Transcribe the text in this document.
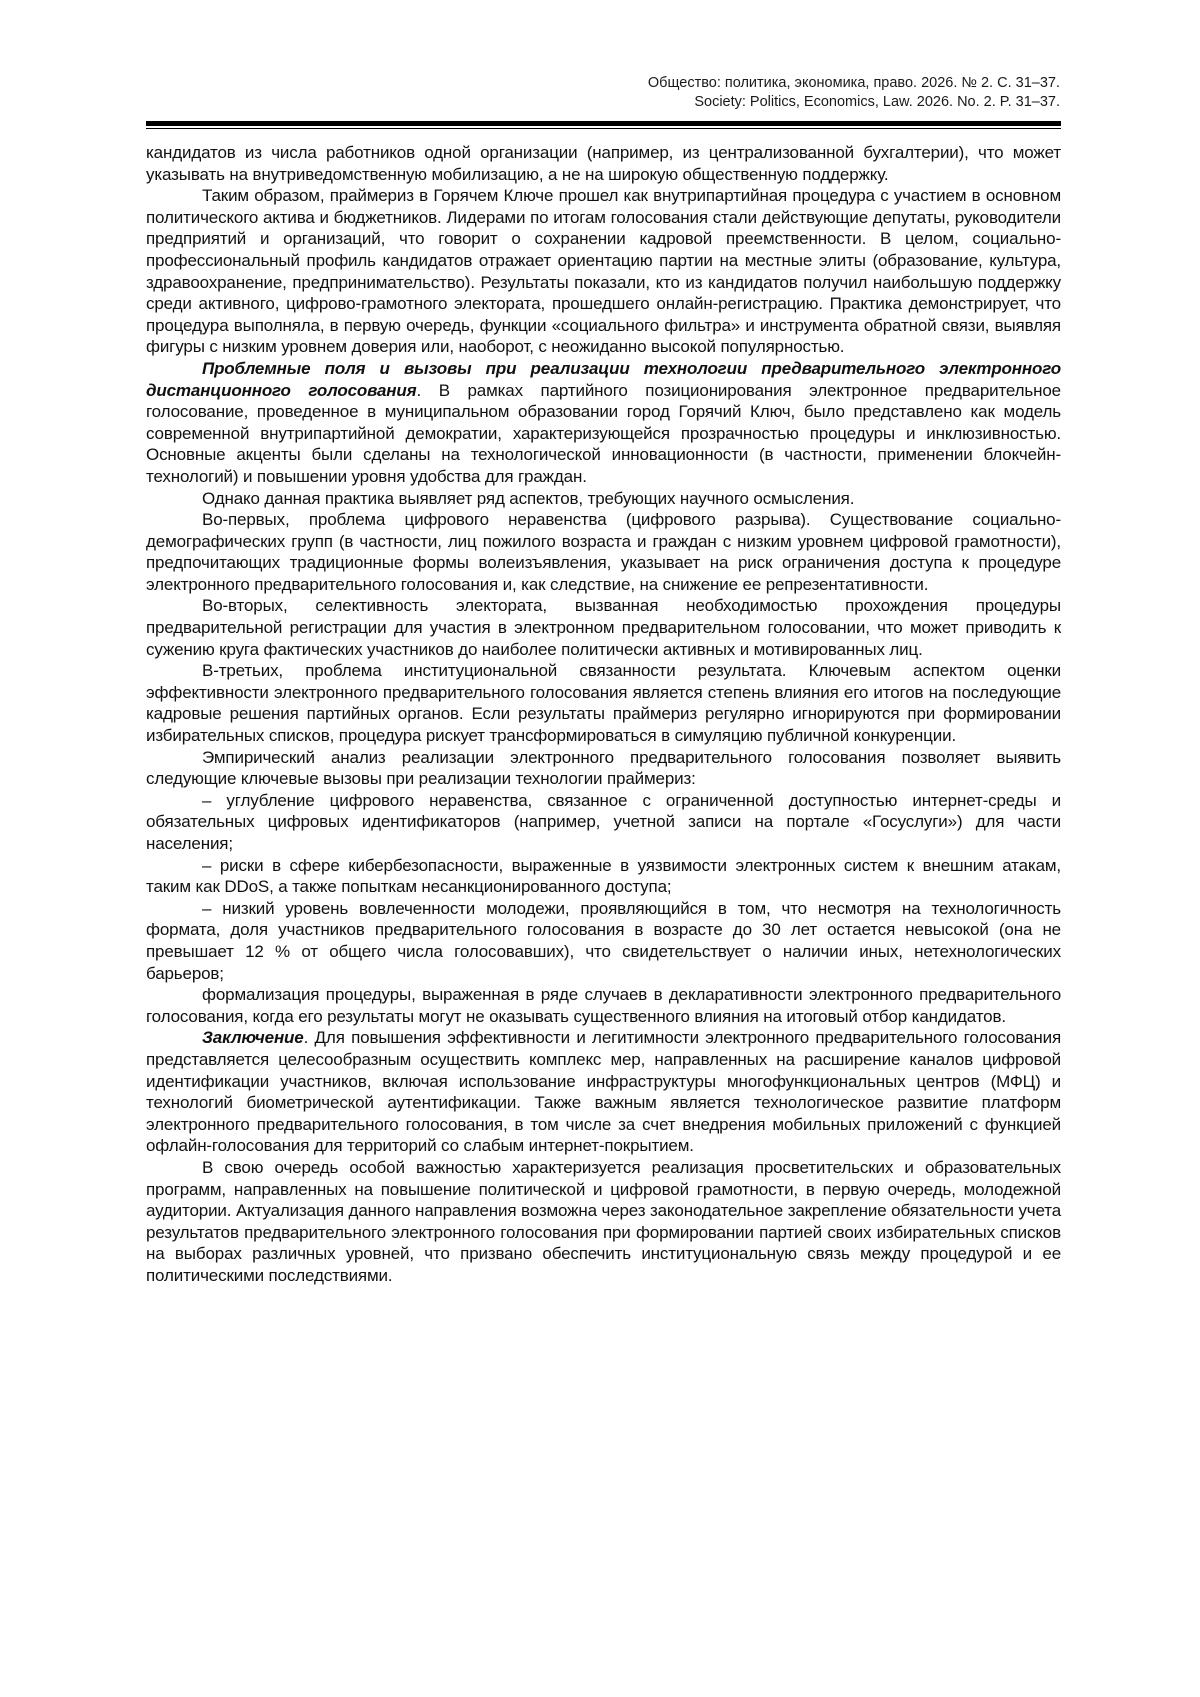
Общество: политика, экономика, право. 2026. № 2. С. 31–37.
Society: Politics, Economics, Law. 2026. No. 2. P. 31–37.

кандидатов из числа работников одной организации (например, из централизованной бухгалтерии), что может указывать на внутриведомственную мобилизацию, а не на широкую общественную поддержку.

Таким образом, праймериз в Горячем Ключе прошел как внутрипартийная процедура с участием в основном политического актива и бюджетников. Лидерами по итогам голосования стали действующие депутаты, руководители предприятий и организаций, что говорит о сохранении кадровой преемственности. В целом, социально-профессиональный профиль кандидатов отражает ориентацию партии на местные элиты (образование, культура, здравоохранение, предпринимательство). Результаты показали, кто из кандидатов получил наибольшую поддержку среди активного, цифрово-грамотного электората, прошедшего онлайн-регистрацию. Практика демонстрирует, что процедура выполняла, в первую очередь, функции «социального фильтра» и инструмента обратной связи, выявляя фигуры с низким уровнем доверия или, наоборот, с неожиданно высокой популярностью.

Проблемные поля и вызовы при реализации технологии предварительного электронного дистанционного голосования. В рамках партийного позиционирования электронное предварительное голосование, проведенное в муниципальном образовании город Горячий Ключ, было представлено как модель современной внутрипартийной демократии, характеризующейся прозрачностью процедуры и инклюзивностью. Основные акценты были сделаны на технологической инновационности (в частности, применении блокчейн-технологий) и повышении уровня удобства для граждан.

Однако данная практика выявляет ряд аспектов, требующих научного осмысления.

Во-первых, проблема цифрового неравенства (цифрового разрыва). Существование социально-демографических групп (в частности, лиц пожилого возраста и граждан с низким уровнем цифровой грамотности), предпочитающих традиционные формы волеизъявления, указывает на риск ограничения доступа к процедуре электронного предварительного голосования и, как следствие, на снижение ее репрезентативности.

Во-вторых, селективность электората, вызванная необходимостью прохождения процедуры предварительной регистрации для участия в электронном предварительном голосовании, что может приводить к сужению круга фактических участников до наиболее политически активных и мотивированных лиц.

В-третьих, проблема институциональной связанности результата. Ключевым аспектом оценки эффективности электронного предварительного голосования является степень влияния его итогов на последующие кадровые решения партийных органов. Если результаты праймериз регулярно игнорируются при формировании избирательных списков, процедура рискует трансформироваться в симуляцию публичной конкуренции.

Эмпирический анализ реализации электронного предварительного голосования позволяет выявить следующие ключевые вызовы при реализации технологии праймериз:

– углубление цифрового неравенства, связанное с ограниченной доступностью интернет-среды и обязательных цифровых идентификаторов (например, учетной записи на портале «Госуслуги») для части населения;

– риски в сфере кибербезопасности, выраженные в уязвимости электронных систем к внешним атакам, таким как DDoS, а также попыткам несанкционированного доступа;

– низкий уровень вовлеченности молодежи, проявляющийся в том, что несмотря на технологичность формата, доля участников предварительного голосования в возрасте до 30 лет остается невысокой (она не превышает 12 % от общего числа голосовавших), что свидетельствует о наличии иных, нетехнологических барьеров;

формализация процедуры, выраженная в ряде случаев в декларативности электронного предварительного голосования, когда его результаты могут не оказывать существенного влияния на итоговый отбор кандидатов.

Заключение. Для повышения эффективности и легитимности электронного предварительного голосования представляется целесообразным осуществить комплекс мер, направленных на расширение каналов цифровой идентификации участников, включая использование инфраструктуры многофункциональных центров (МФЦ) и технологий биометрической аутентификации. Также важным является технологическое развитие платформ электронного предварительного голосования, в том числе за счет внедрения мобильных приложений с функцией офлайн-голосования для территорий со слабым интернет-покрытием.

В свою очередь особой важностью характеризуется реализация просветительских и образовательных программ, направленных на повышение политической и цифровой грамотности, в первую очередь, молодежной аудитории. Актуализация данного направления возможна через законодательное закрепление обязательности учета результатов предварительного электронного голосования при формировании партией своих избирательных списков на выборах различных уровней, что призвано обеспечить институциональную связь между процедурой и ее политическими последствиями.
